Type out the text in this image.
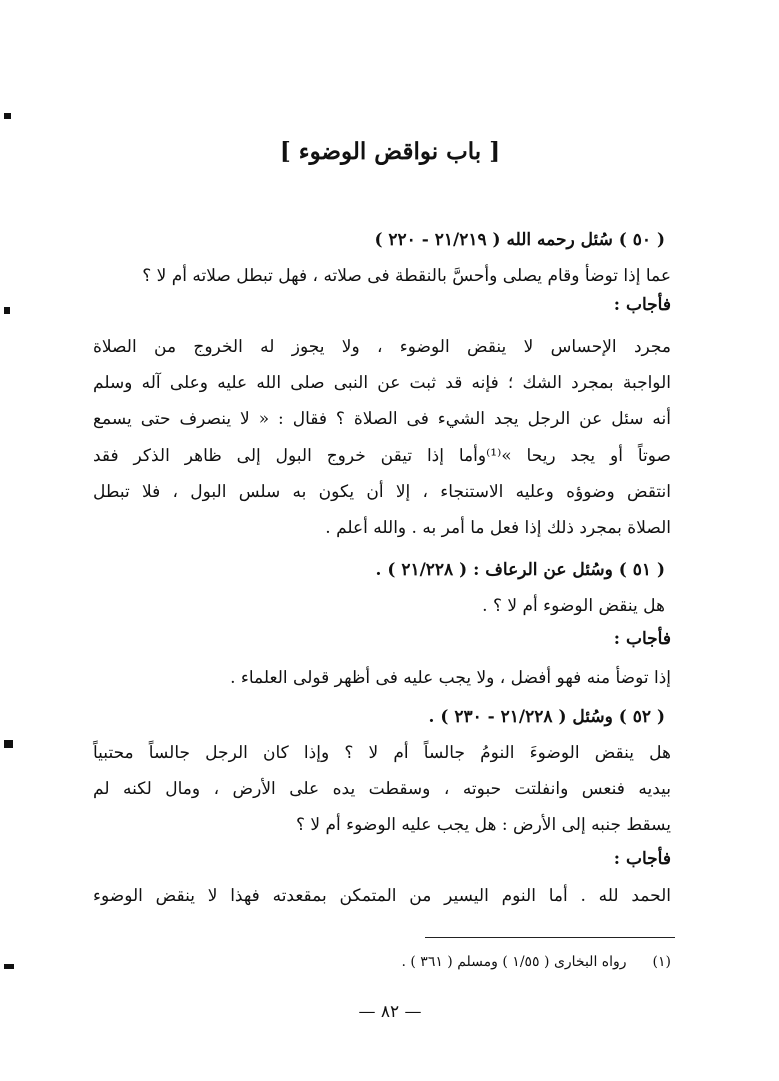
[ باب نواقض الوضوء ]
( ٥٠ ) سُئل رحمه الله ( ٢١/٢١٩ - ٢٢٠ )
عما إذا توضأ وقام يصلى وأحسَّ بالنقطة فى صلاته ، فهل تبطل صلاته أم لا ؟
فأجاب :
مجرد الإحساس لا ينقض الوضوء ، ولا يجوز له الخروج من الصلاة
الواجبة بمجرد الشك ؛ فإنه قد ثبت عن النبى صلى الله عليه وعلى آله وسلم
أنه سئل عن الرجل يجد الشيء فى الصلاة ؟ فقال : « لا ينصرف حتى يسمع
صوتاً أو يجد ريحا »⁽¹⁾وأما إذا تيقن خروج البول إلى ظاهر الذكر فقد
انتقض وضوؤه وعليه الاستنجاء ، إلا أن يكون به سلس البول ، فلا تبطل
الصلاة بمجرد ذلك إذا فعل ما أمر به . والله أعلم .
( ٥١ ) وسُئل عن الرعاف : ( ٢١/٢٢٨ ) .
هل ينقض الوضوء أم لا ؟ .
فأجاب :
إذا توضأ منه فهو أفضل ، ولا يجب عليه فى أظهر قولى العلماء .
( ٥٢ ) وسُئل ( ٢١/٢٢٨ - ٢٣٠ ) .
هل ينقض الوضوءَ النومُ جالساً أم لا ؟ وإذا كان الرجل جالساً محتبياً
بيديه فنعس وانفلتت حبوته ، وسقطت يده على الأرض ، ومال لكنه لم
يسقط جنبه إلى الأرض : هل يجب عليه الوضوء أم لا ؟
فأجاب :
الحمد لله . أما النوم اليسير من المتمكن بمقعدته فهذا لا ينقض الوضوء
(١) رواه البخارى ( ١/٥٥ ) ومسلم ( ٣٦١ ) .
— ٨٢ —
